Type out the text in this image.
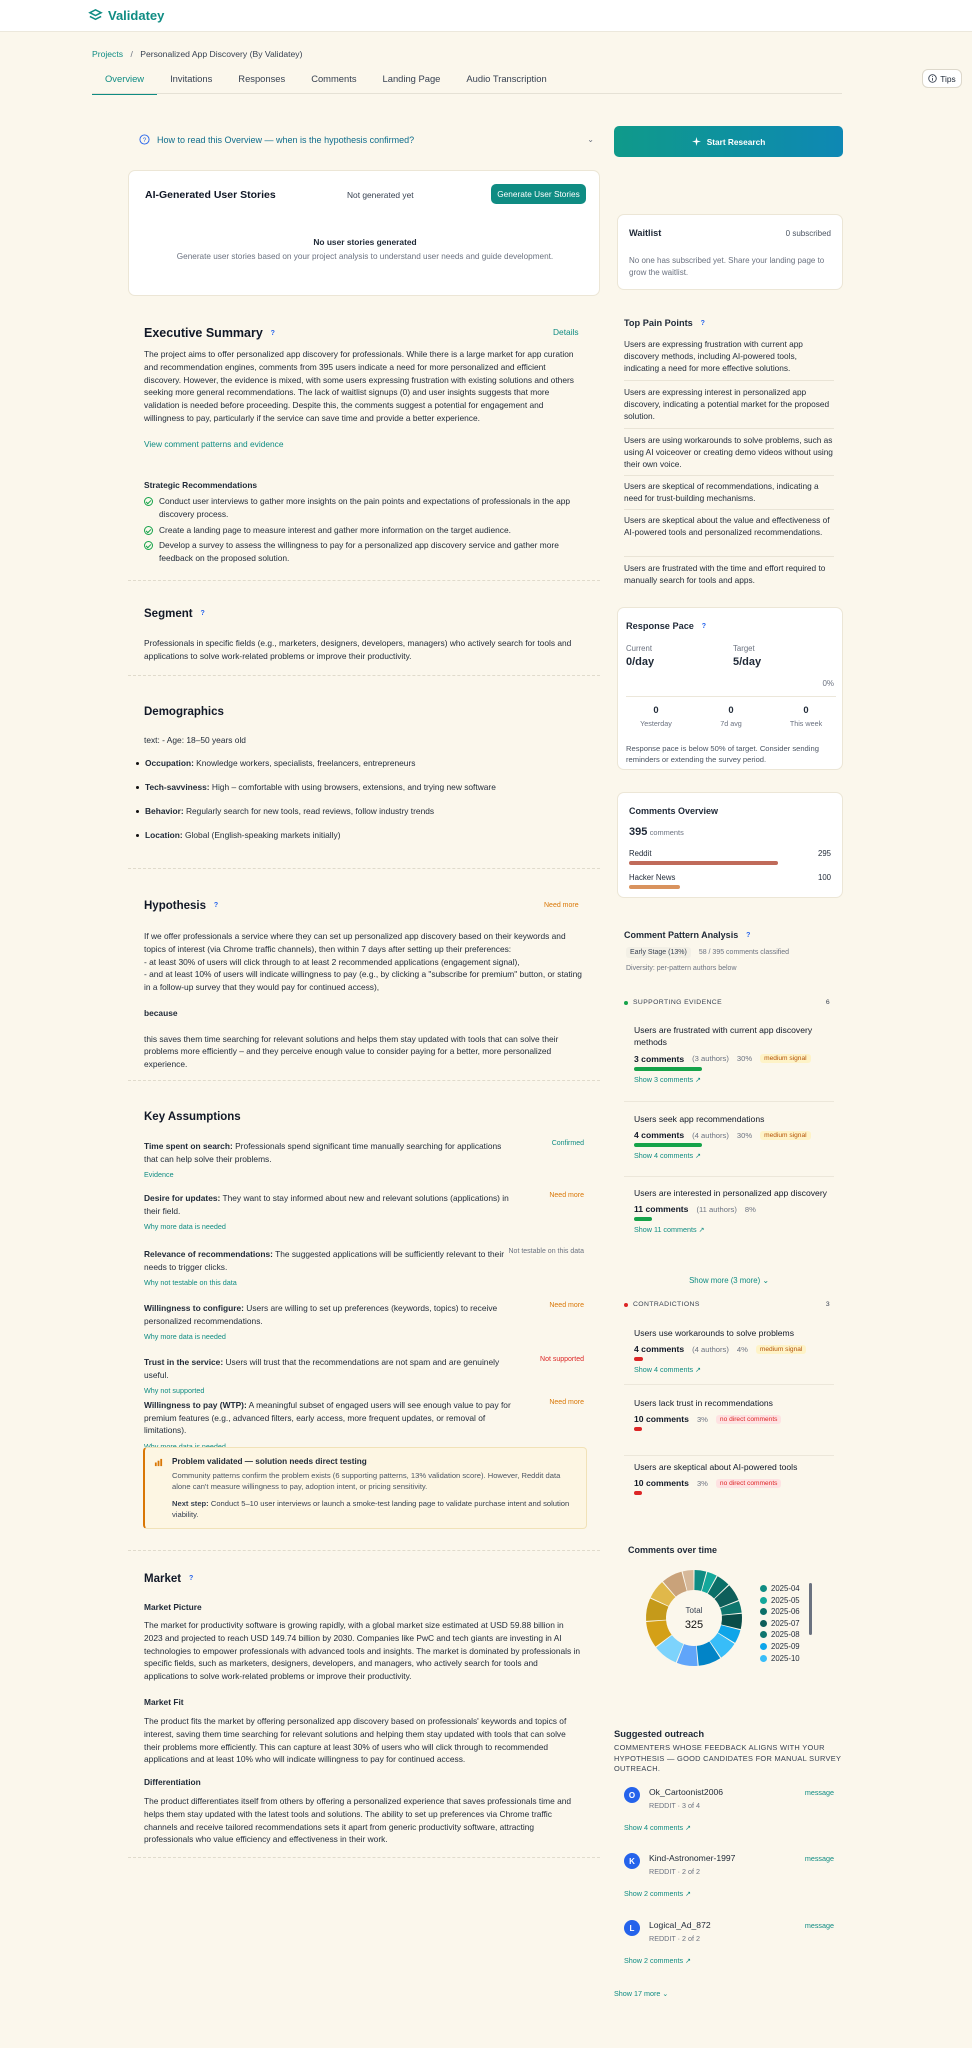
Validatey
Projects / Personalized App Discovery (By Validatey)
Overview	Invitations	Responses	Comments	Landing Page	Audio Transcription	Tips
? How to read this Overview — when is the hypothesis confirmed?	⌄	Start Research
AI-Generated User Stories	Not generated yet	Generate User Stories
No user stories generated
Generate user stories based on your project analysis to understand user needs and guide development.
Waitlist	0 subscribed
No one has subscribed yet. Share your landing page to grow the waitlist.
Executive Summary ?	Details
The project aims to offer personalized app discovery for professionals. While there is a large market for app curation and recommendation engines, comments from 395 users indicate a need for more personalized and efficient discovery. However, the evidence is mixed, with some users expressing frustration with existing solutions and others seeking more general recommendations. The lack of waitlist signups (0) and user insights suggests that more validation is needed before proceeding. Despite this, the comments suggest a potential for engagement and willingness to pay, particularly if the service can save time and provide a better experience.
View comment patterns and evidence
Strategic Recommendations
Conduct user interviews to gather more insights on the pain points and expectations of professionals in the app discovery process.
Create a landing page to measure interest and gather more information on the target audience.
Develop a survey to assess the willingness to pay for a personalized app discovery service and gather more feedback on the proposed solution.
Top Pain Points ?
Users are expressing frustration with current app discovery methods, including AI-powered tools, indicating a need for more effective solutions.
Users are expressing interest in personalized app discovery, indicating a potential market for the proposed solution.
Users are using workarounds to solve problems, such as using AI voiceover or creating demo videos without using their own voice.
Users are skeptical of recommendations, indicating a need for trust-building mechanisms.
Users are skeptical about the value and effectiveness of AI-powered tools and personalized recommendations.
Users are frustrated with the time and effort required to manually search for tools and apps.
Segment ?
Professionals in specific fields (e.g., marketers, designers, developers, managers) who actively search for tools and applications to solve work-related problems or improve their productivity.
Response Pace ?
Current
0/day
Target
5/day
0%
0
Yesterday
0
7d avg
0
This week
Response pace is below 50% of target. Consider sending reminders or extending the survey period.
Demographics
text: - Age: 18–50 years old
Occupation: Knowledge workers, specialists, freelancers, entrepreneurs
Tech-savviness: High – comfortable with using browsers, extensions, and trying new software
Behavior: Regularly search for new tools, read reviews, follow industry trends
Location: Global (English-speaking markets initially)
Comments Overview
395 comments
Reddit	295
Hacker News	100
Hypothesis ?	Need more
If we offer professionals a service where they can set up personalized app discovery based on their keywords and topics of interest (via Chrome traffic channels), then within 7 days after setting up their preferences:
- at least 30% of users will click through to at least 2 recommended applications (engagement signal),
- and at least 10% of users will indicate willingness to pay (e.g., by clicking a "subscribe for premium" button, or stating in a follow-up survey that they would pay for continued access),
because
this saves them time searching for relevant solutions and helps them stay updated with tools that can solve their problems more efficiently – and they perceive enough value to consider paying for a better, more personalized experience.
Comment Pattern Analysis ?
Early Stage (13%)	58 / 395 comments classified
Diversity: per-pattern authors below
SUPPORTING EVIDENCE	6
Users are frustrated with current app discovery methods
3 comments (3 authors) 30%	medium signal
Show 3 comments ↗
Users seek app recommendations
4 comments (4 authors) 30%	medium signal
Show 4 comments ↗
Users are interested in personalized app discovery
11 comments (11 authors) 8%
Show 11 comments ↗
Show more (3 more) ⌄
CONTRADICTIONS	3
Users use workarounds to solve problems
4 comments (4 authors) 4%	medium signal
Show 4 comments ↗
Users lack trust in recommendations
10 comments 3%	no direct comments
Users are skeptical about AI-powered tools
10 comments 3%	no direct comments
Key Assumptions
Time spent on search: Professionals spend significant time manually searching for applications that can help solve their problems.
Confirmed
Evidence
Desire for updates: They want to stay informed about new and relevant solutions (applications) in their field.
Need more
Why more data is needed
Relevance of recommendations: The suggested applications will be sufficiently relevant to their needs to trigger clicks.
Not testable on this data
Why not testable on this data
Willingness to configure: Users are willing to set up preferences (keywords, topics) to receive personalized recommendations.
Need more
Why more data is needed
Trust in the service: Users will trust that the recommendations are not spam and are genuinely useful.
Not supported
Why not supported
Willingness to pay (WTP): A meaningful subset of engaged users will see enough value to pay for premium features (e.g., advanced filters, early access, more frequent updates, or removal of limitations).
Need more
Problem validated — solution needs direct testing
Community patterns confirm the problem exists (6 supporting patterns, 13% validation score). However, Reddit data alone can't measure willingness to pay, adoption intent, or pricing sensitivity.
Next step: Conduct 5–10 user interviews or launch a smoke-test landing page to validate purchase intent and solution viability.
Comments over time
Total
325
2025-04
2025-05
2025-06
2025-07
2025-08
2025-09
2025-10
Market ?
Market Picture
The market for productivity software is growing rapidly, with a global market size estimated at USD 59.88 billion in 2023 and projected to reach USD 149.74 billion by 2030. Companies like PwC and tech giants are investing in AI technologies to empower professionals with advanced tools and insights. The market is dominated by professionals in specific fields, such as marketers, designers, developers, and managers, who actively search for tools and applications to solve work-related problems or improve their productivity.
Market Fit
The product fits the market by offering personalized app discovery based on professionals' keywords and topics of interest, saving them time searching for relevant solutions and helping them stay updated with tools that can solve their problems more efficiently. This can capture at least 30% of users who will click through to recommended applications and at least 10% who will indicate willingness to pay for continued access.
Differentiation
The product differentiates itself from others by offering a personalized experience that saves professionals time and helps them stay updated with the latest tools and solutions. The ability to set up preferences via Chrome traffic channels and receive tailored recommendations sets it apart from generic productivity software, attracting professionals who value efficiency and effectiveness in their work.
Suggested outreach
COMMENTERS WHOSE FEEDBACK ALIGNS WITH YOUR HYPOTHESIS — GOOD CANDIDATES FOR MANUAL SURVEY OUTREACH.
O	Ok_Cartoonist2006
REDDIT · 3 of 4
message
Show 4 comments ↗
K	Kind-Astronomer-1997
REDDIT · 2 of 2
message
Show 2 comments ↗
L	Logical_Ad_872
REDDIT · 2 of 2
message
Show 2 comments ↗
Show 17 more ⌄
